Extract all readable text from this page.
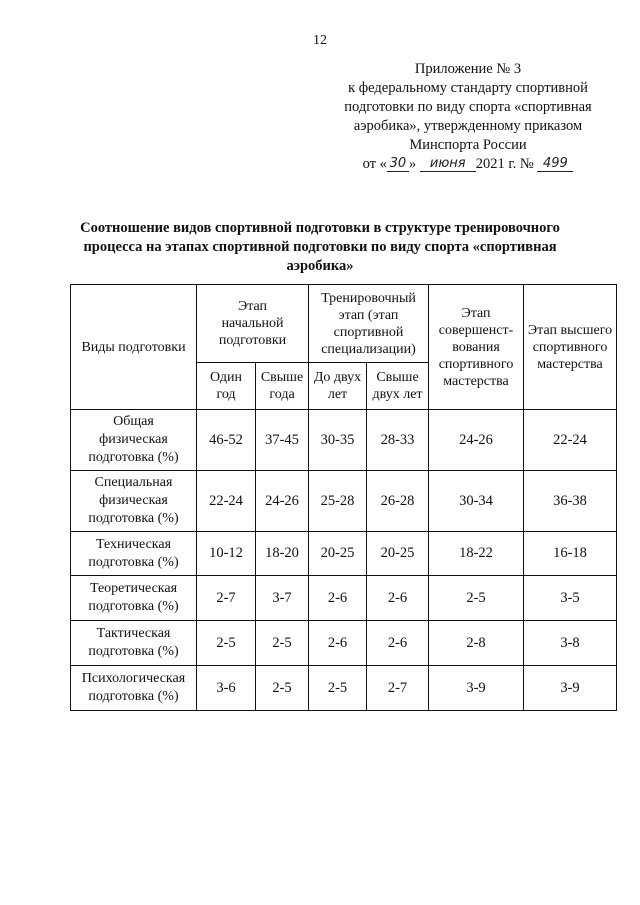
12
Приложение № 3
к федеральному стандарту спортивной
подготовки по виду спорта «спортивная
аэробика», утвержденному приказом
Минспорта России
от « 30 » июня 2021 г. № 499
Соотношение видов спортивной подготовки в структуре тренировочного
процесса на этапах спортивной подготовки по виду спорта «спортивная
аэробика»
Виды подготовки	Этап начальной подготовки		Тренировочный этап (этап спортивной специализации)		Этап совершенст- вования спортивного мастерства	Этап высшего спортивного мастерства
	Один год	Свыше года	До двух лет	Свыше двух лет		
Общая физическая подготовка (%)	46-52	37-45	30-35	28-33	24-26	22-24
Специальная физическая подготовка (%)	22-24	24-26	25-28	26-28	30-34	36-38
Техническая подготовка (%)	10-12	18-20	20-25	20-25	18-22	16-18
Теоретическая подготовка (%)	2-7	3-7	2-6	2-6	2-5	3-5
Тактическая подготовка (%)	2-5	2-5	2-6	2-6	2-8	3-8
Психологическая подготовка (%)	3-6	2-5	2-5	2-7	3-9	3-9
